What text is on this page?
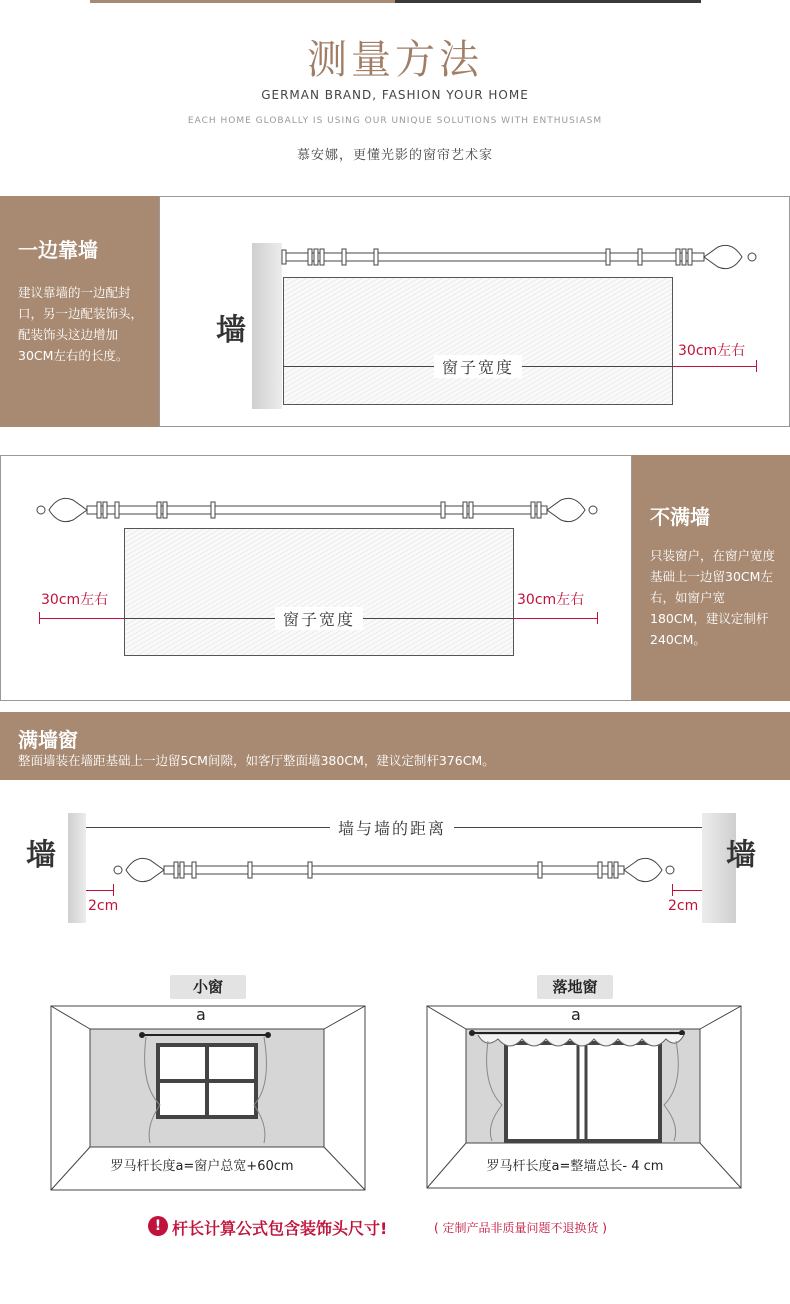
测量方法
GERMAN BRAND, FASHION YOUR HOME
EACH HOME GLOBALLY IS USING OUR UNIQUE SOLUTIONS WITH ENTHUSIASM
慕安娜，更懂光影的窗帘艺术家
一边靠墙
建议靠墙的一边配封口，另一边配装饰头，配装饰头这边增加30CM左右的长度。
墙
窗子宽度
30cm左右
窗子宽度
30cm左右	30cm左右
不满墙
只装窗户，在窗户宽度基础上一边留30CM左右，如窗户宽180CM，建议定制杆240CM。
满墙窗
整面墙装在墙距基础上一边留5CM间隙，如客厅整面墙380CM，建议定制杆376CM。
墙	墙
墙与墙的距离
2cm	2cm
小窗
a
罗马杆长度a=窗户总宽+60cm
落地窗
a
罗马杆长度a=整墙总长- 4 cm
! 杆长计算公式包含装饰头尺寸!	( 定制产品非质量问题不退换货 )
